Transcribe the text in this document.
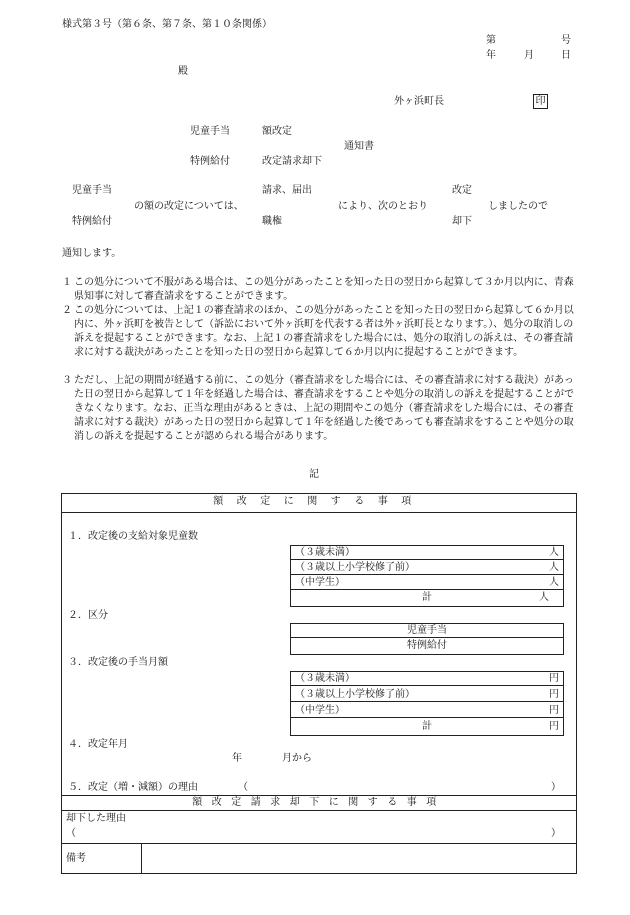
様式第３号（第６条、第７条、第１０条関係）
第	号
年	月	日
殿
外ヶ浜町長	印
児童手当
特例給付
額改定
改定請求却下
通知書
児童手当
特例給付
の額の改定については、
請求、届出
職権
により、次のとおり
改定
却下
しましたので
通知します。
１ この処分について不服がある場合は、この処分があったことを知った日の翌日から起算して３か月以内に、青森県知事に対して審査請求をすることができます。
２ この処分については、上記１の審査請求のほか、この処分があったことを知った日の翌日から起算して６か月以内に、外ヶ浜町を被告として（訴訟において外ヶ浜町を代表する者は外ヶ浜町長となります。）、処分の取消しの訴えを提起することができます。なお、上記１の審査請求をした場合には、処分の取消しの訴えは、その審査請求に対する裁決があったことを知った日の翌日から起算して６か月以内に提起することができます。
３ ただし、上記の期間が経過する前に、この処分（審査請求をした場合には、その審査請求に対する裁決）があった日の翌日から起算して１年を経過した場合は、審査請求をすることや処分の取消しの訴えを提起することができなくなります。なお、正当な理由があるときは、上記の期間やこの処分（審査請求をした場合には、その審査請求に対する裁決）があった日の翌日から起算して１年を経過した後であっても審査請求をすることや処分の取消しの訴えを提起することが認められる場合があります。
記
額改定に関する事項
１．改定後の支給対象児童数
（３歳未満）	人
（３歳以上小学校修了前）	人
（中学生）	人
計	人
２．区分
児童手当
特例給付
３．改定後の手当月額
（３歳未満）	円
（３歳以上小学校修了前）	円
（中学生）	円
計	円
４．改定年月
年	月から
５．改定（増・減額）の理由	（	）
額改定請求却下に関する事項
却下した理由
（	）
備考
